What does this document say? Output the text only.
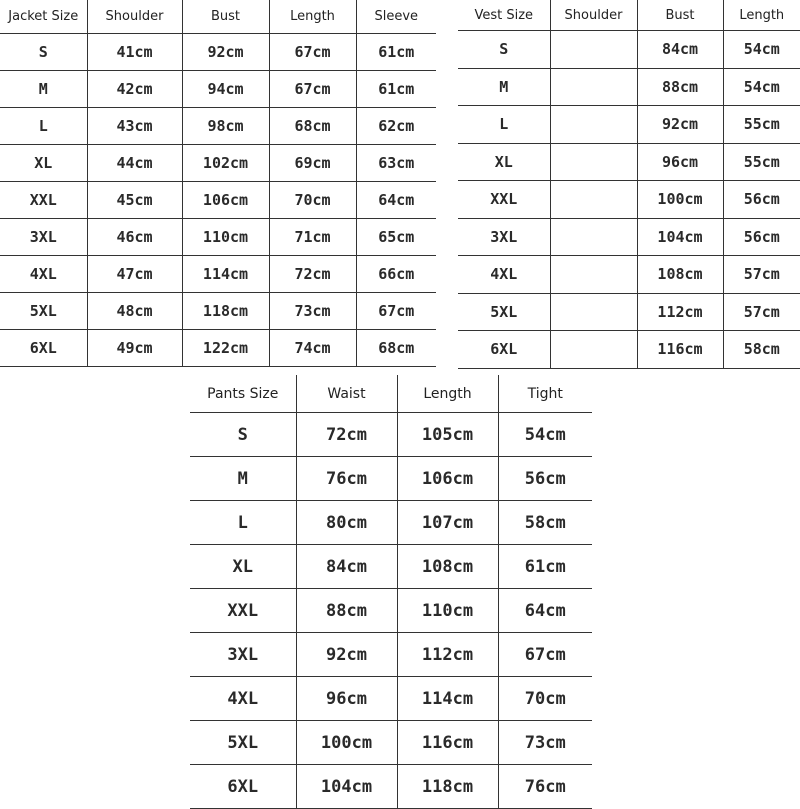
Jacket Size	Shoulder	Bust	Length	Sleeve
S	41cm	92cm	67cm	61cm
M	42cm	94cm	67cm	61cm
L	43cm	98cm	68cm	62cm
XL	44cm	102cm	69cm	63cm
XXL	45cm	106cm	70cm	64cm
3XL	46cm	110cm	71cm	65cm
4XL	47cm	114cm	72cm	66cm
5XL	48cm	118cm	73cm	67cm
6XL	49cm	122cm	74cm	68cm
Vest Size	Shoulder	Bust	Length
S		84cm	54cm
M		88cm	54cm
L		92cm	55cm
XL		96cm	55cm
XXL		100cm	56cm
3XL		104cm	56cm
4XL		108cm	57cm
5XL		112cm	57cm
6XL		116cm	58cm
Pants Size	Waist	Length	Tight
S	72cm	105cm	54cm
M	76cm	106cm	56cm
L	80cm	107cm	58cm
XL	84cm	108cm	61cm
XXL	88cm	110cm	64cm
3XL	92cm	112cm	67cm
4XL	96cm	114cm	70cm
5XL	100cm	116cm	73cm
6XL	104cm	118cm	76cm
